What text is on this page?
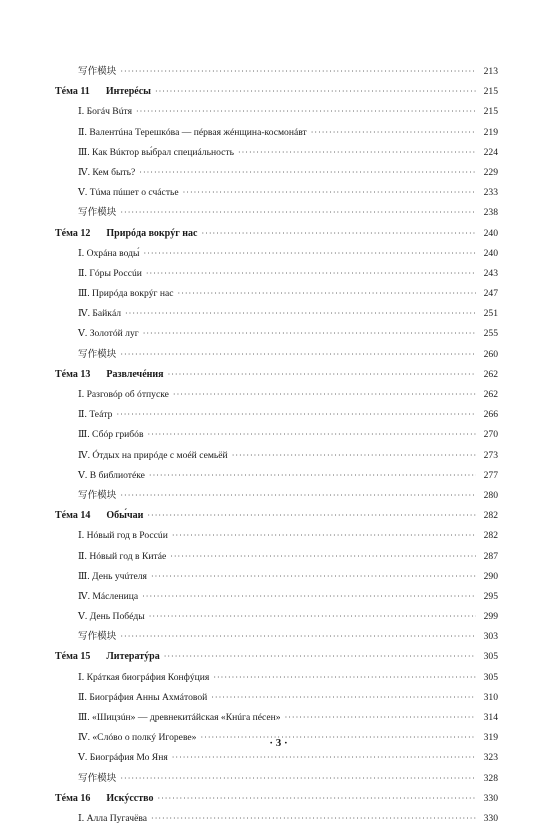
写作模块 ·····	213
Тéма 11 Интерéсы ·····	215
Ⅰ. Богáч Вúтя ·····	215
Ⅱ. Валентúна Терешкóва — пéрвая жéнщина-космонáвт ·····	219
Ⅲ. Как Вúктор вы́брал специáльность ·····	224
Ⅳ. Кем быть? ·····	229
Ⅴ. Тúма пúшет о счáстье ·····	233
写作模块 ·····	238
Тéма 12 Прирóда вокрýг нас ·····	240
Ⅰ. Охрáна воды́ ·····	240
Ⅱ. Гóры Россúи ·····	243
Ⅲ. Прирóда вокрýг нас ·····	247
Ⅳ. Байкáл ·····	251
Ⅴ. Золотóй луг ·····	255
写作模块 ·····	260
Тéма 13 Развлечéния ·····	262
Ⅰ. Разговóр об óтпуске ·····	262
Ⅱ. Теáтр ·····	266
Ⅲ. Сбóр грибóв ·····	270
Ⅳ. Óтдых на прирóде с моéй семьёй ·····	273
Ⅴ. В библиотéке ·····	277
写作模块 ·····	280
Тéма 14 Обы́чаи ·····	282
Ⅰ. Нóвый год в Россúи ·····	282
Ⅱ. Нóвый год в Китáе ·····	287
Ⅲ. День учúтеля ·····	290
Ⅳ. Мáсленица ·····	295
Ⅴ. День Побéды ·····	299
写作模块 ·····	303
Тéма 15 Литератýра ·····	305
Ⅰ. Крáткая биогрáфия Конфýция ·····	305
Ⅱ. Биогрáфия Анны Ахмáтовой ·····	310
Ⅲ. «Шицзúн» — древнекитáйская «Кнúга пéсен» ·····	314
Ⅳ. «Слóво о полкý Игореве» ·····	319
Ⅴ. Биогрáфия Мо Яня ·····	323
写作模块 ·····	328
Тéма 16 Искýсство ·····	330
Ⅰ. Алла Пугачёва ·····	330
· 3 ·
